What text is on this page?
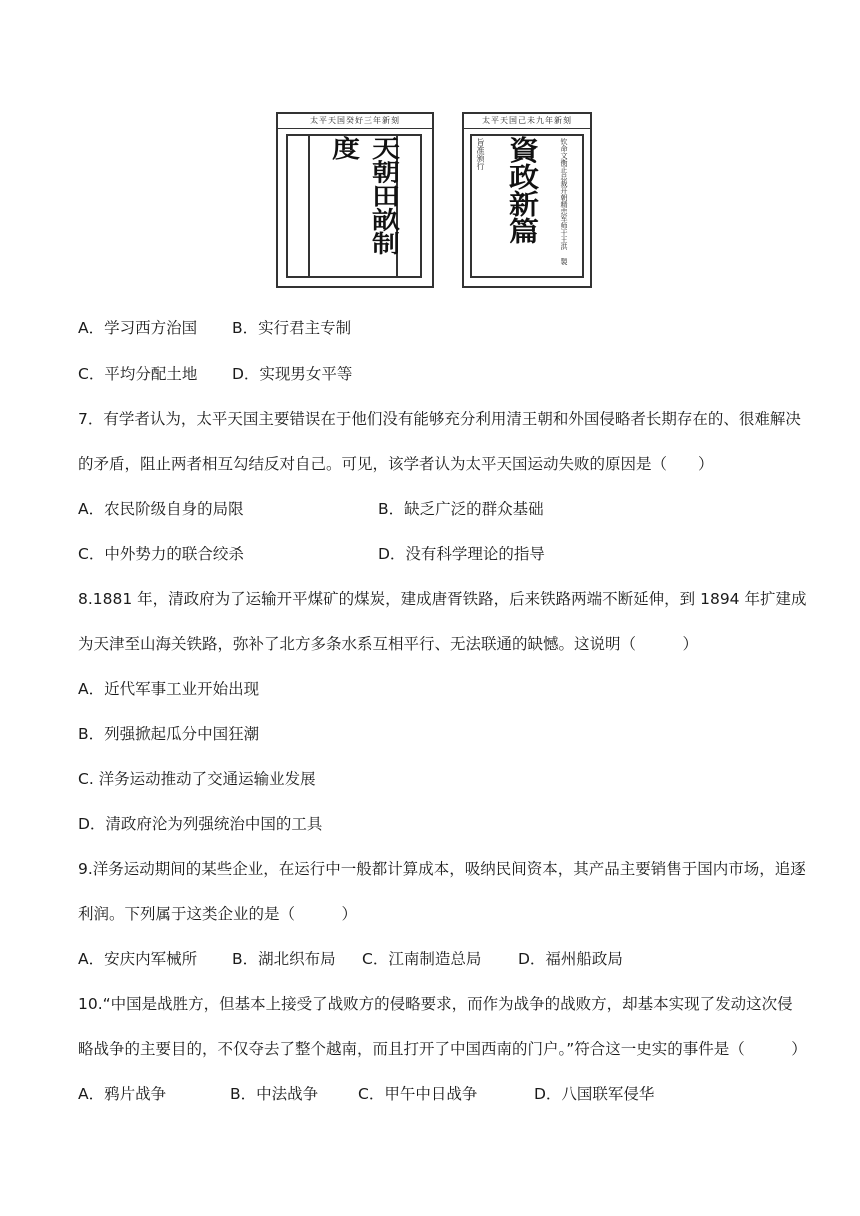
太平天国癸好三年新刻
天朝田畝制度
太平天国己未九年新刻
旨准颁行 資政新篇	钦命文衡正总裁开朝精忠军师干王洪 製
A．学习西方治国 B．实行君主专制
C．平均分配土地 D．实现男女平等
7．有学者认为，太平天国主要错误在于他们没有能够充分利用清王朝和外国侵略者长期存在的、很难解决
的矛盾，阻止两者相互勾结反对自己。可见，该学者认为太平天国运动失败的原因是（　　）
A．农民阶级自身的局限	B．缺乏广泛的群众基础
C．中外势力的联合绞杀	D．没有科学理论的指导
8.1881 年，清政府为了运输开平煤矿的煤炭，建成唐胥铁路，后来铁路两端不断延伸，到 1894 年扩建成
为天津至山海关铁路，弥补了北方多条水系互相平行、无法联通的缺憾。这说明（　　　）
A．近代军事工业开始出现
B．列强掀起瓜分中国狂潮
C. 洋务运动推动了交通运输业发展
D．清政府沦为列强统治中国的工具
9.洋务运动期间的某些企业，在运行中一般都计算成本，吸纳民间资本，其产品主要销售于国内市场，追逐
利润。下列属于这类企业的是（　　　）
A．安庆内军械所 B．湖北织布局 C．江南制造总局 D．福州船政局
10.“中国是战胜方，但基本上接受了战败方的侵略要求，而作为战争的战败方，却基本实现了发动这次侵
略战争的主要目的，不仅夺去了整个越南，而且打开了中国西南的门户。”符合这一史实的事件是（　　　）
A．鸦片战争	B．中法战争	C．甲午中日战争	D．八国联军侵华
